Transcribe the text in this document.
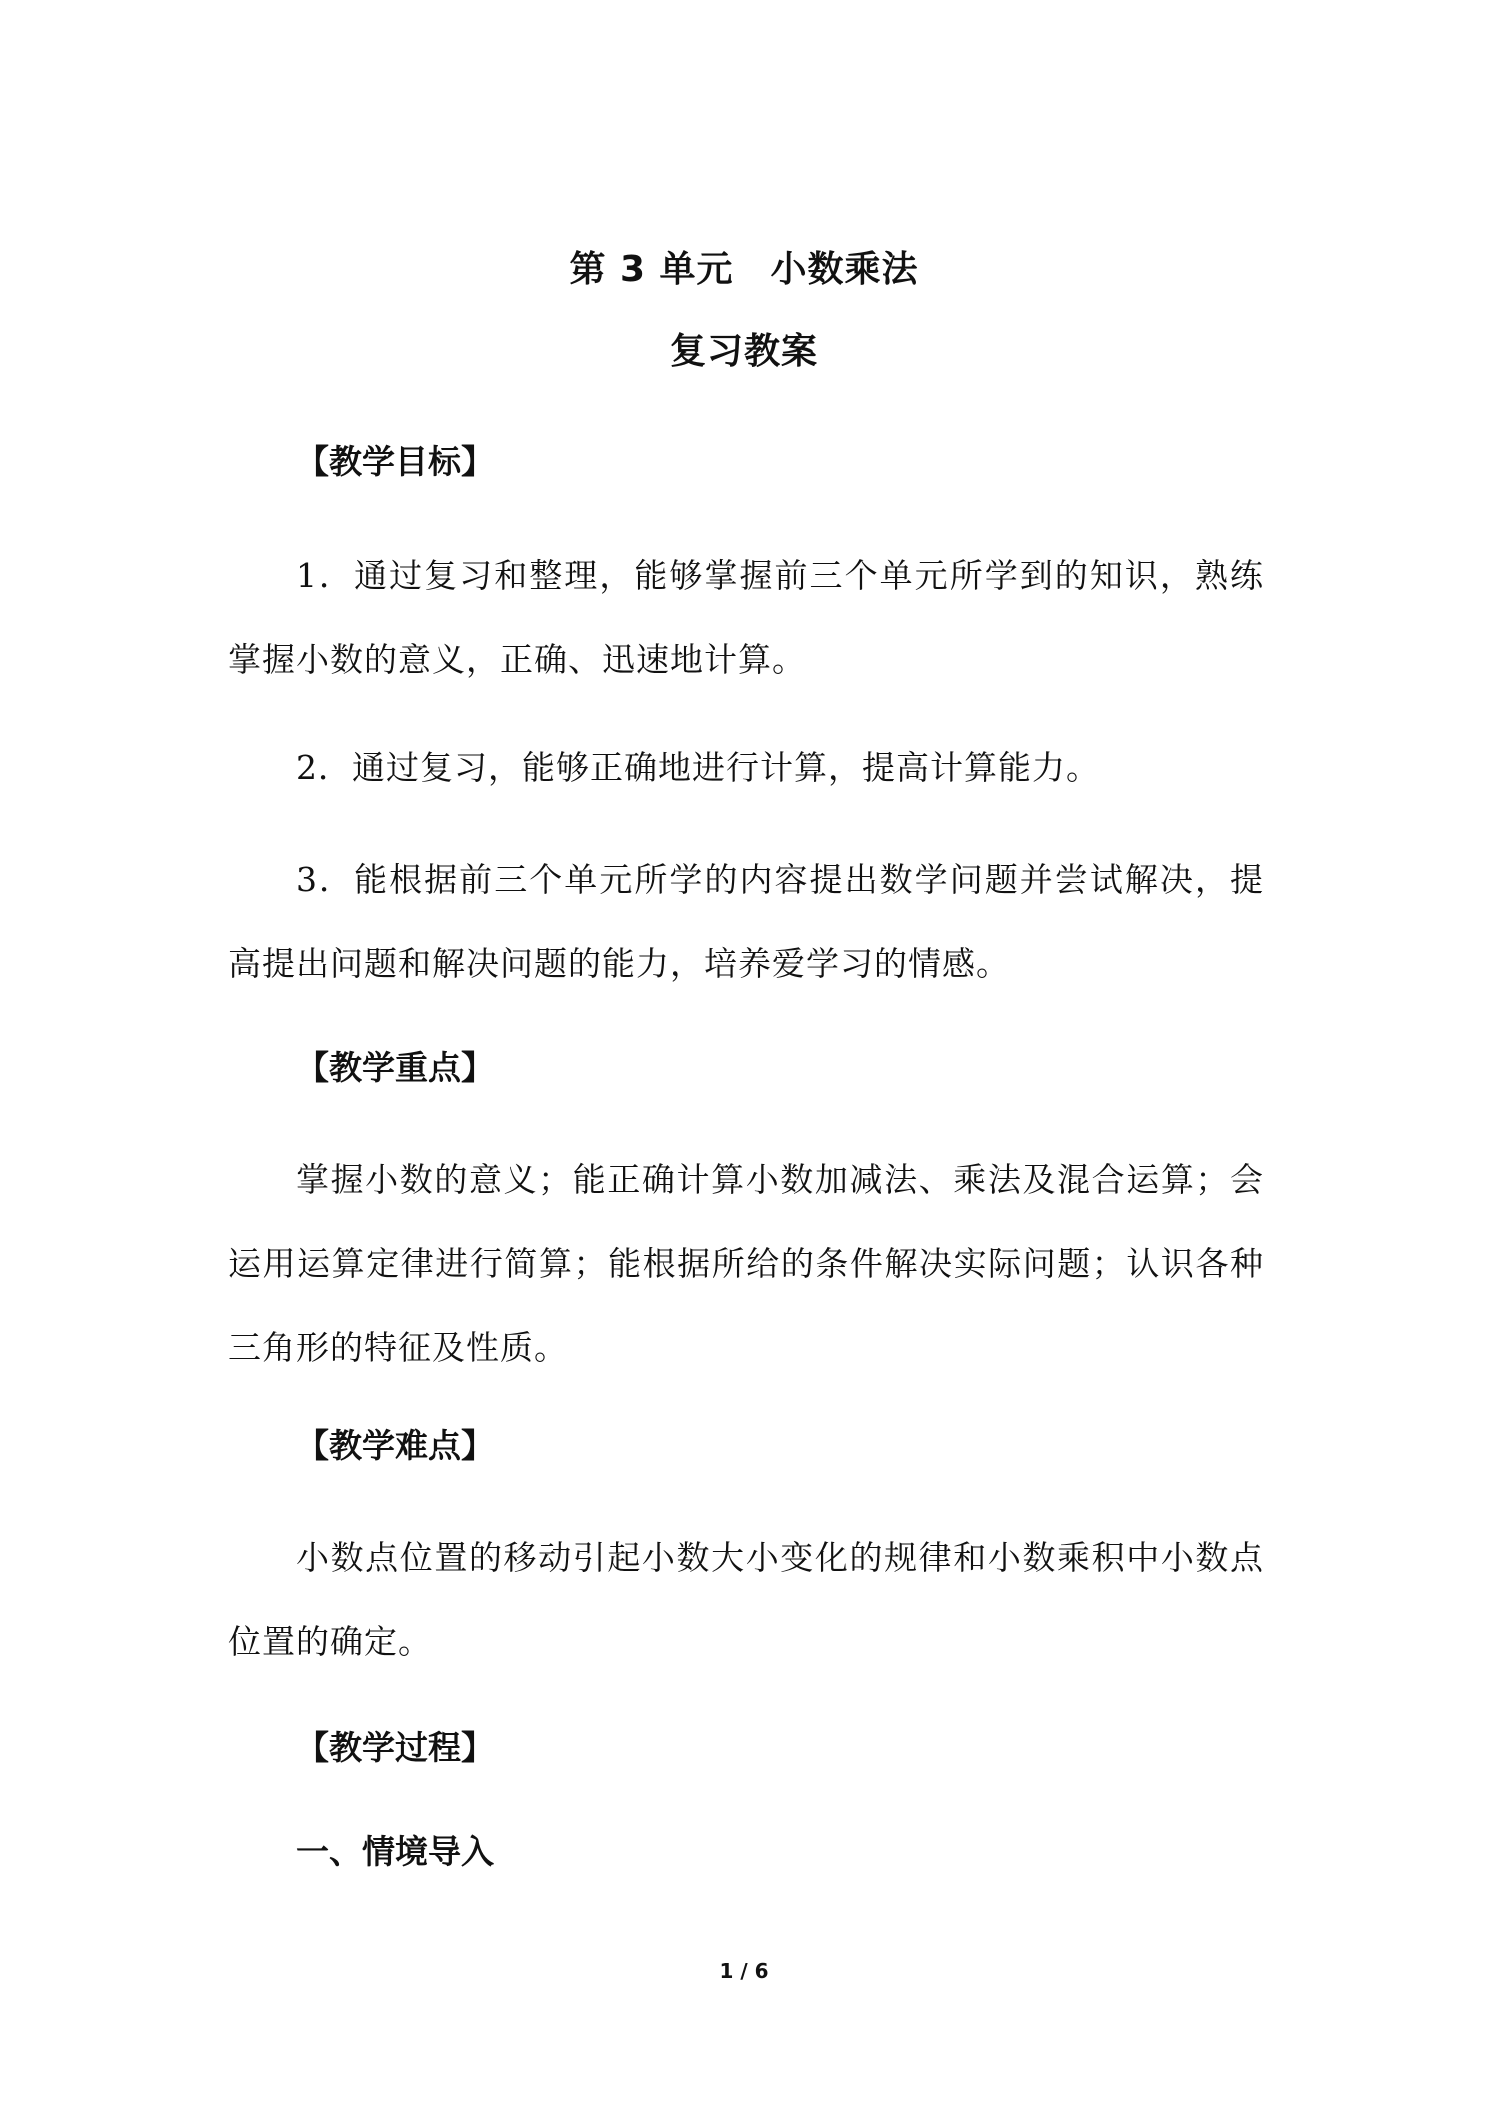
第 3 单元　小数乘法
复习教案
【教学目标】
1．通过复习和整理，能够掌握前三个单元所学到的知识，熟练掌握小数的意义，正确、迅速地计算。
2．通过复习，能够正确地进行计算，提高计算能力。
3．能根据前三个单元所学的内容提出数学问题并尝试解决，提高提出问题和解决问题的能力，培养爱学习的情感。
【教学重点】
掌握小数的意义；能正确计算小数加减法、乘法及混合运算；会运用运算定律进行简算；能根据所给的条件解决实际问题；认识各种三角形的特征及性质。
【教学难点】
小数点位置的移动引起小数大小变化的规律和小数乘积中小数点位置的确定。
【教学过程】
一、情境导入
1 / 6
